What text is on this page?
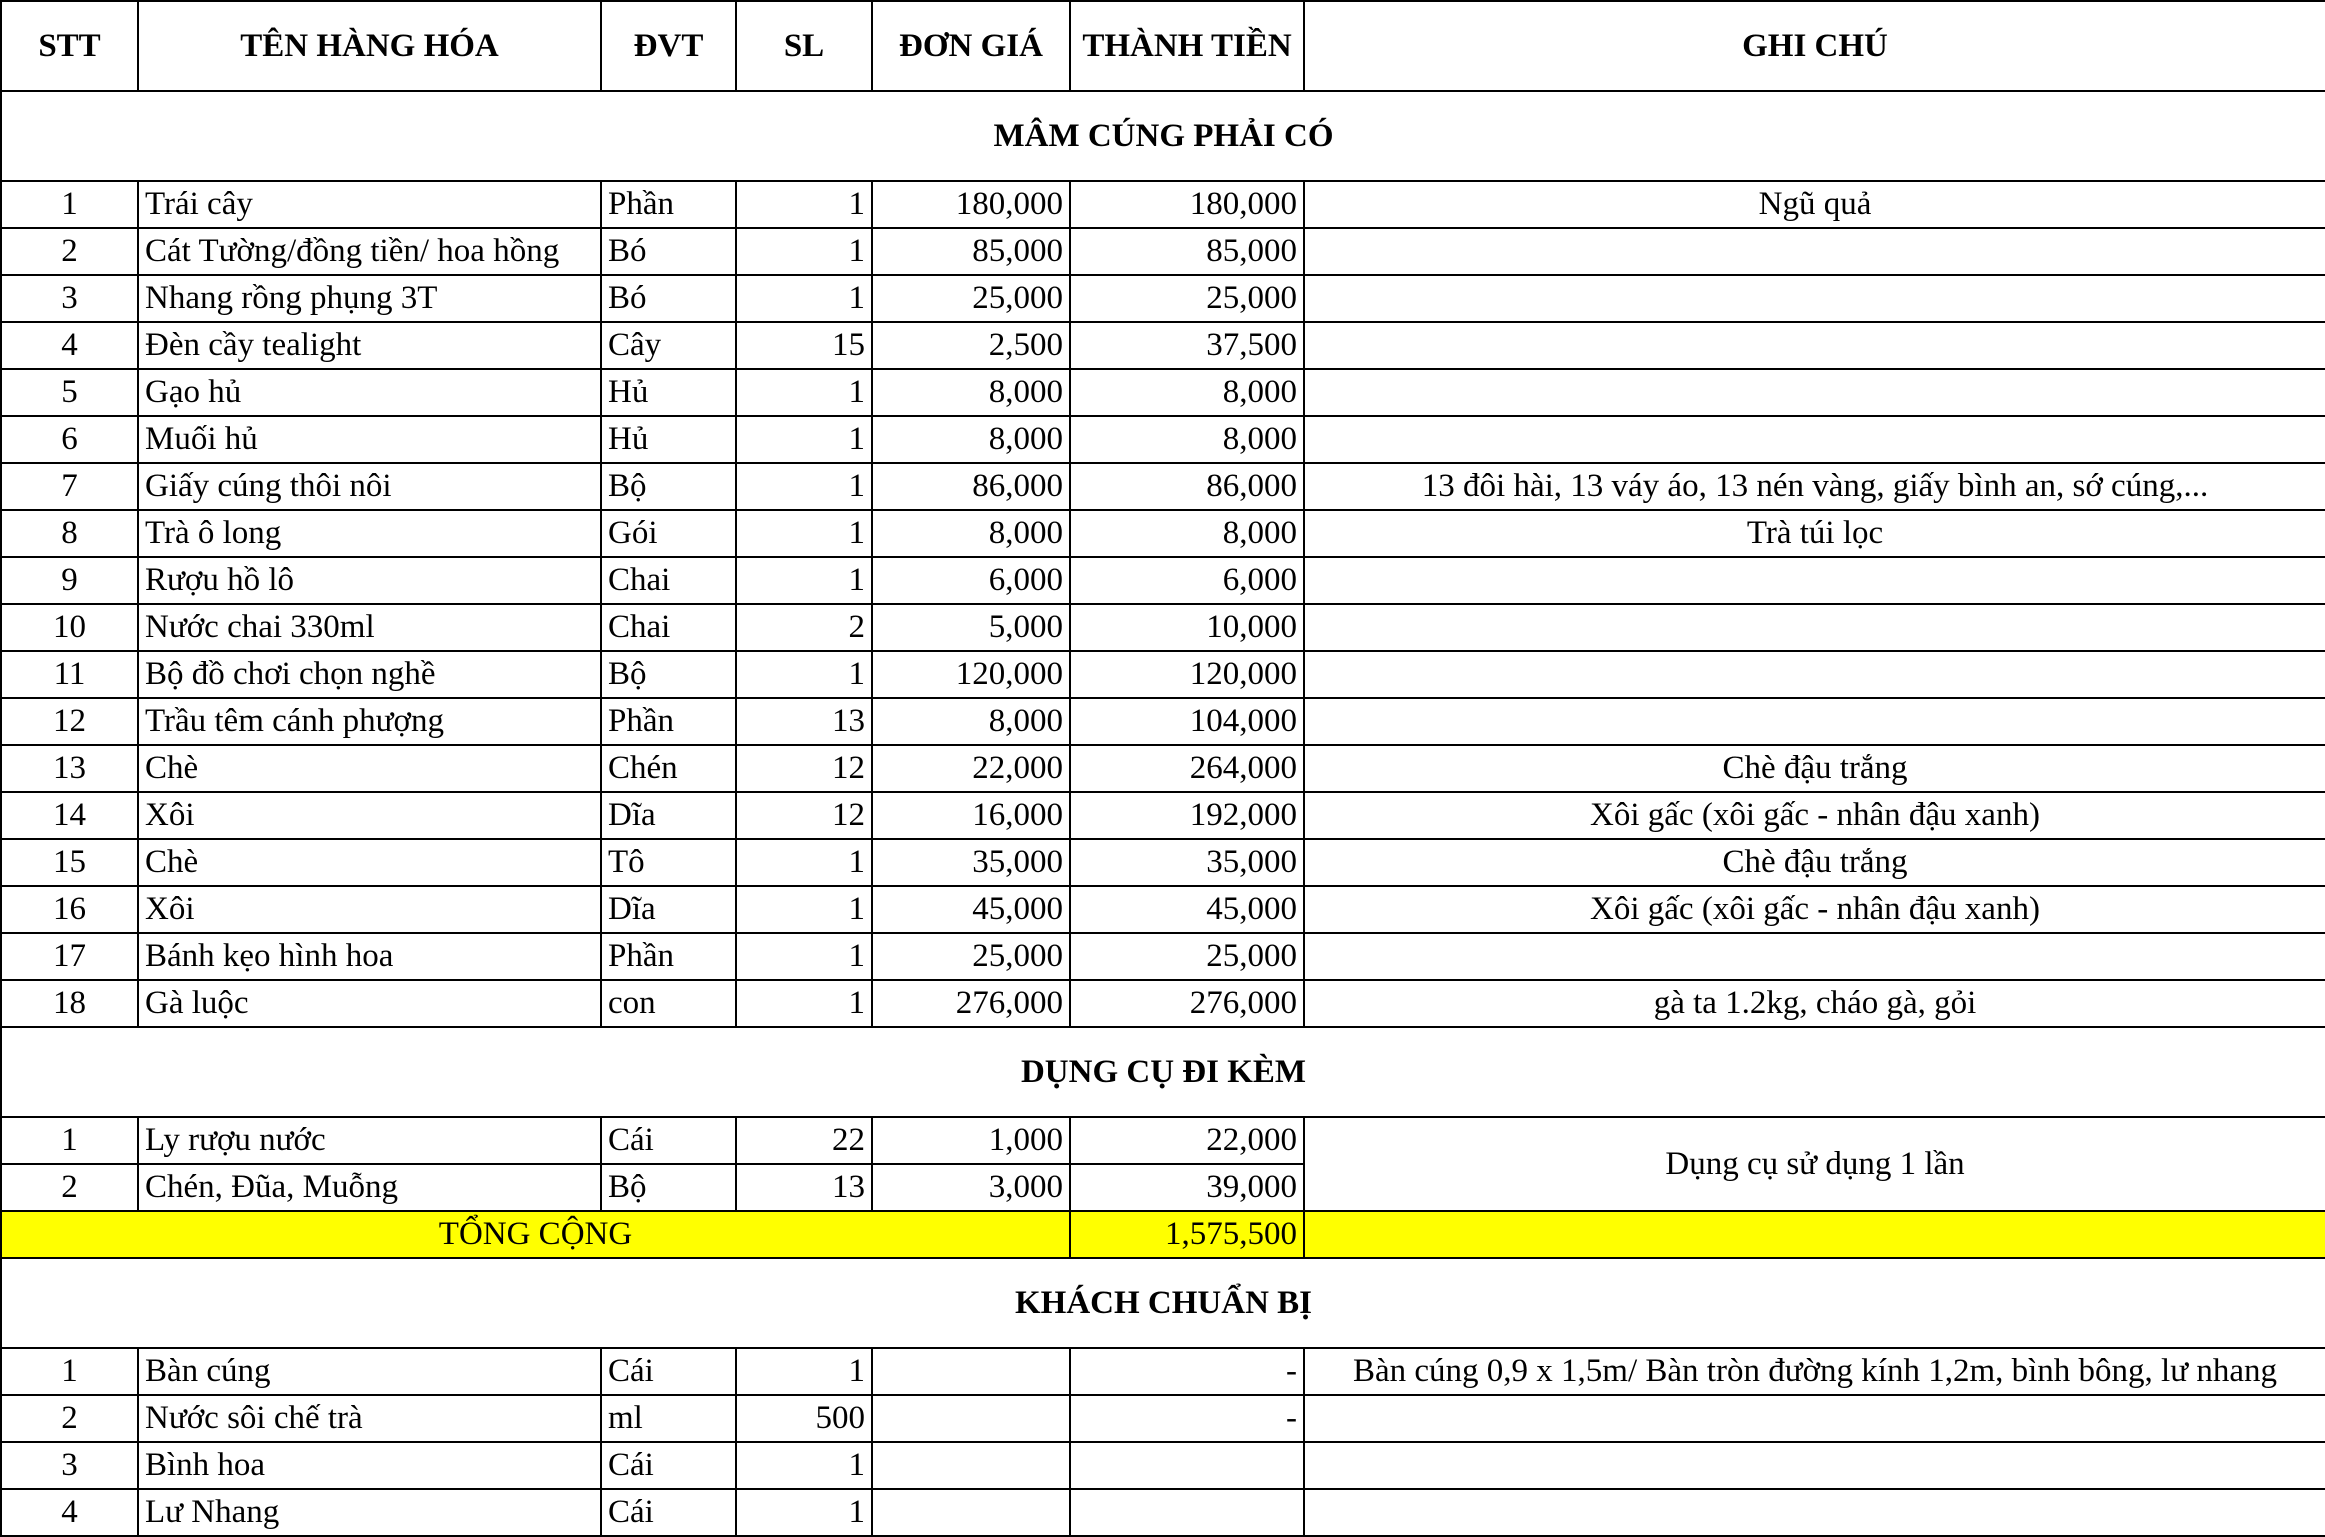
STT	TÊN HÀNG HÓA	ĐVT	SL	ĐƠN GIÁ	THÀNH TIỀN	GHI CHÚ
MÂM CÚNG PHẢI CÓ						
1	Trái cây	Phần	1	180,000	180,000	Ngũ quả
2	Cát Tường/đồng tiền/ hoa hồng	Bó	1	85,000	85,000	
3	Nhang rồng phụng 3T	Bó	1	25,000	25,000	
4	Đèn cầy tealight	Cây	15	2,500	37,500	
5	Gạo hủ	Hủ	1	8,000	8,000	
6	Muối hủ	Hủ	1	8,000	8,000	
7	Giấy cúng thôi nôi	Bộ	1	86,000	86,000	13 đôi hài, 13 váy áo, 13 nén vàng, giấy bình an, sớ cúng,...
8	Trà ô long	Gói	1	8,000	8,000	Trà túi lọc
9	Rượu hồ lô	Chai	1	6,000	6,000	
10	Nước chai 330ml	Chai	2	5,000	10,000	
11	Bộ đồ chơi chọn nghề	Bộ	1	120,000	120,000	
12	Trầu têm cánh phượng	Phần	13	8,000	104,000	
13	Chè	Chén	12	22,000	264,000	Chè đậu trắng
14	Xôi	Dĩa	12	16,000	192,000	Xôi gấc (xôi gấc - nhân đậu xanh)
15	Chè	Tô	1	35,000	35,000	Chè đậu trắng
16	Xôi	Dĩa	1	45,000	45,000	Xôi gấc (xôi gấc - nhân đậu xanh)
17	Bánh kẹo hình hoa	Phần	1	25,000	25,000	
18	Gà luộc	con	1	276,000	276,000	gà ta 1.2kg, cháo gà, gỏi
DỤNG CỤ ĐI KÈM						
1	Ly rượu nước	Cái	22	1,000	22,000	Dụng cụ sử dụng 1 lần
2	Chén, Đũa, Muỗng	Bộ	13	3,000	39,000	
TỔNG CỘNG					1,575,500	
KHÁCH CHUẨN BỊ						
1	Bàn cúng	Cái	1		-	Bàn cúng 0,9 x 1,5m/ Bàn tròn đường kính 1,2m, bình bông, lư nhang
2	Nước sôi chế trà	ml	500		-	
3	Bình hoa	Cái	1			
4	Lư Nhang	Cái	1			
